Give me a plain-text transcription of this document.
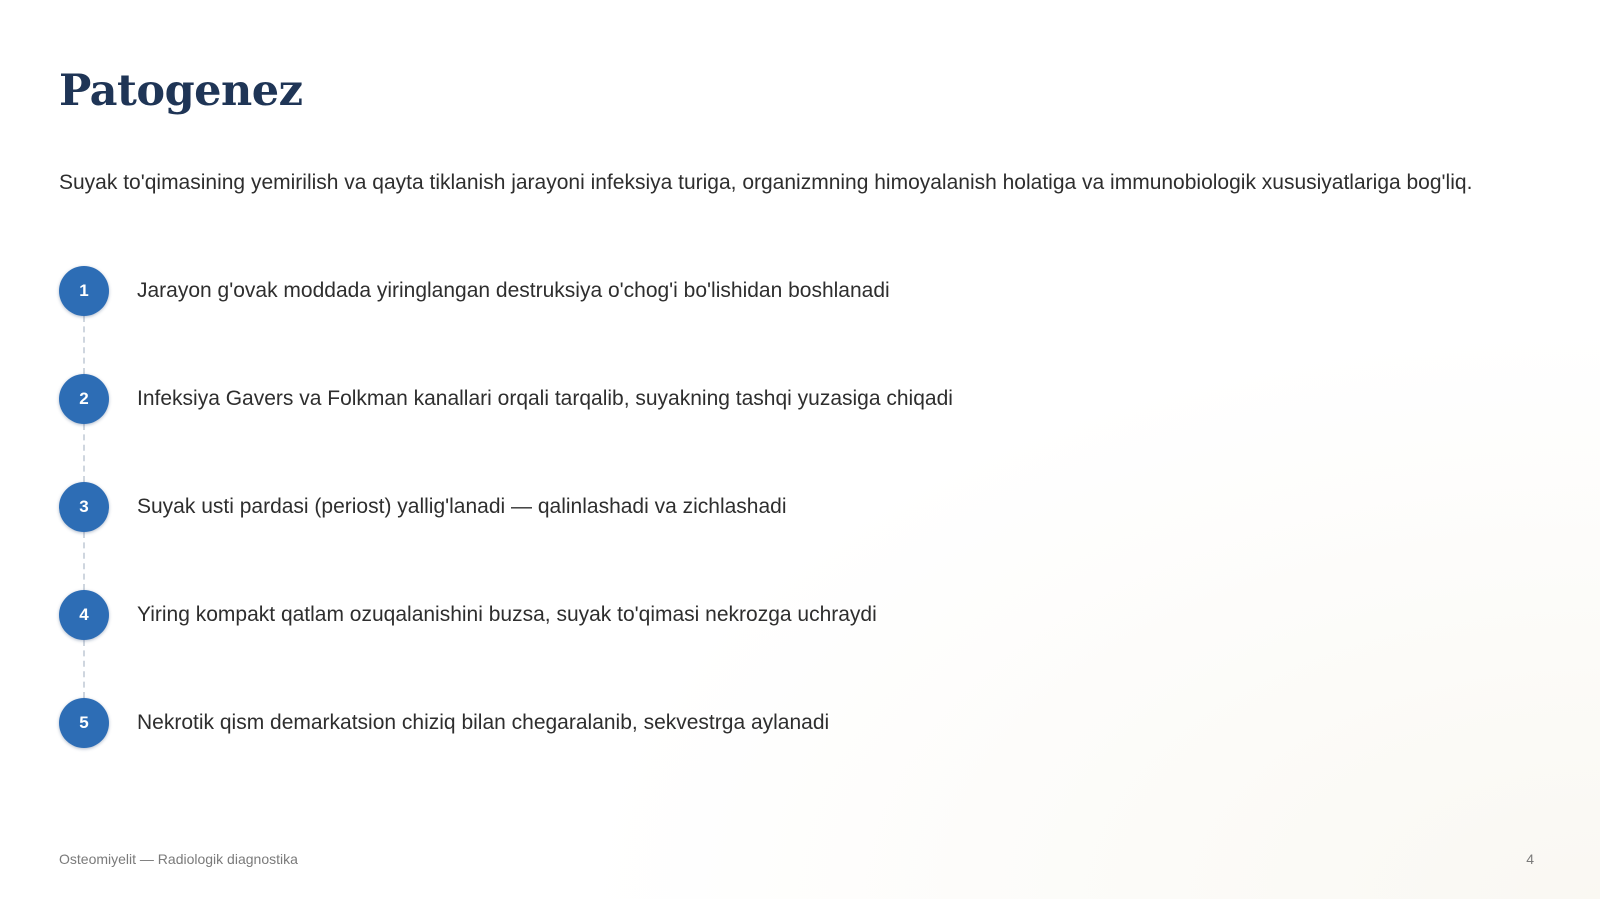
Patogenez

Suyak to'qimasining yemirilish va qayta tiklanish jarayoni infeksiya turiga, organizmning himoyalanish holatiga va immunobiologik xususiyatlariga bog'liq.

1	Jarayon g'ovak moddada yiringlangan destruksiya o'chog'i bo'lishidan boshlanadi
2	Infeksiya Gavers va Folkman kanallari orqali tarqalib, suyakning tashqi yuzasiga chiqadi
3	Suyak usti pardasi (periost) yallig'lanadi — qalinlashadi va zichlashadi
4	Yiring kompakt qatlam ozuqalanishini buzsa, suyak to'qimasi nekrozga uchraydi
5	Nekrotik qism demarkatsion chiziq bilan chegaralanib, sekvestrga aylanadi
Osteomiyelit — Radiologik diagnostika	4
